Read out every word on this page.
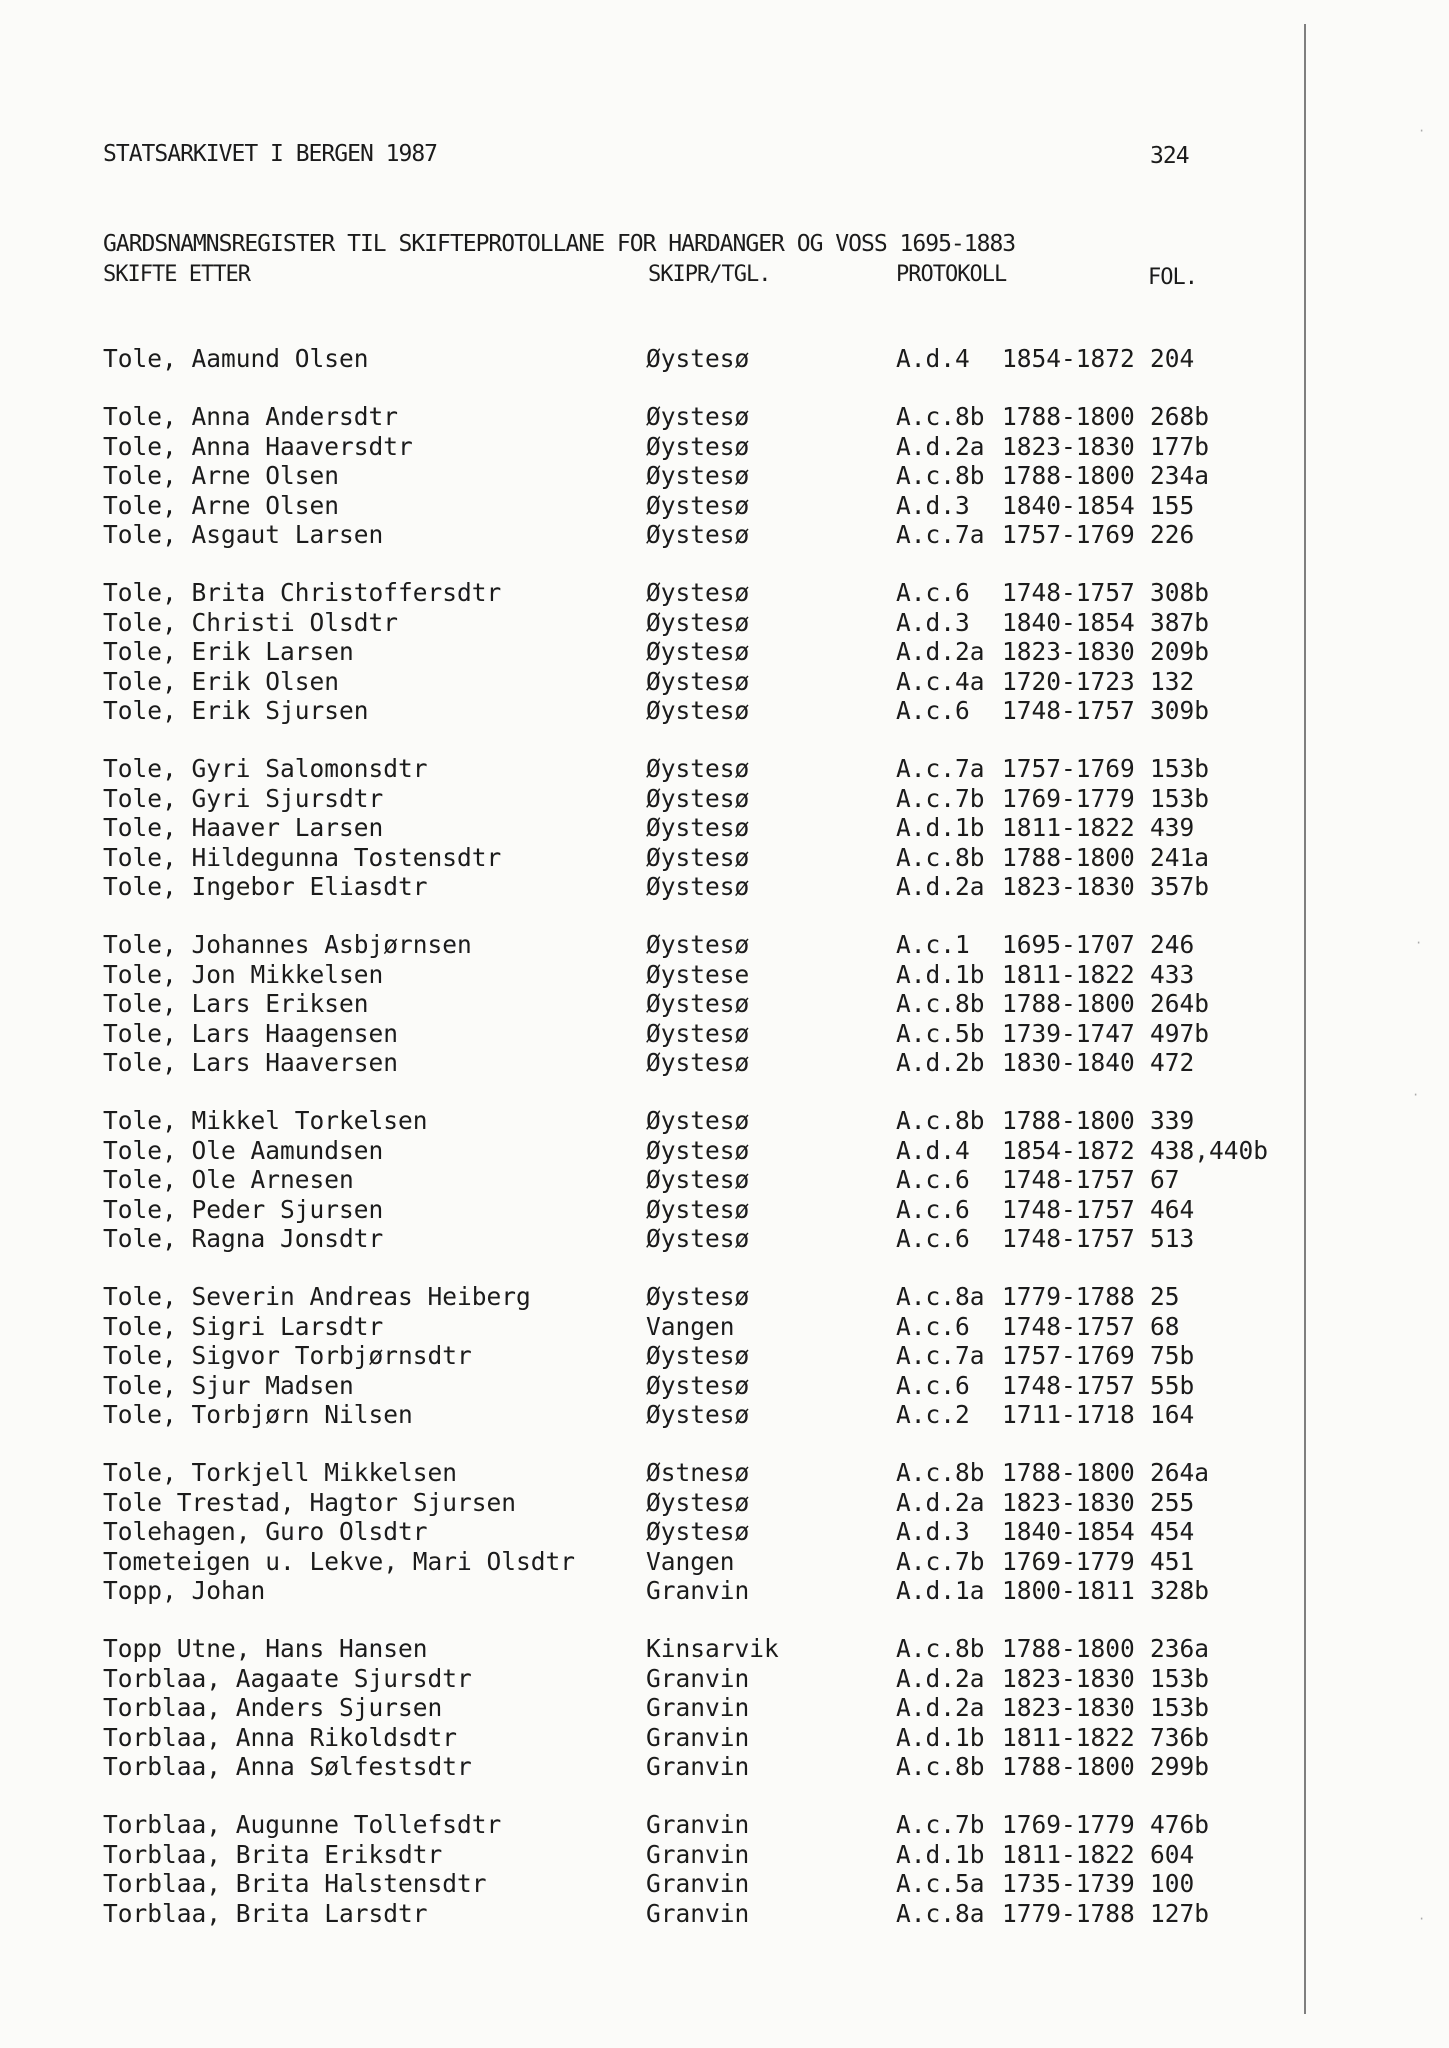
STATSARKIVET I BERGEN 1987	324
GARDSNAMNSREGISTER TIL SKIFTEPROTOLLANE FOR HARDANGER OG VOSS 1695-1883
SKIFTE ETTER	SKIPR/TGL.	PROTOKOLL	FOL.
Tole, Aamund Olsen	Øystesø	A.d.4 1854-1872 204
Tole, Anna Andersdtr	Øystesø	A.c.8b 1788-1800 268b
Tole, Anna Haaversdtr	Øystesø	A.d.2a 1823-1830 177b
Tole, Arne Olsen	Øystesø	A.c.8b 1788-1800 234a
Tole, Arne Olsen	Øystesø	A.d.3 1840-1854 155
Tole, Asgaut Larsen	Øystesø	A.c.7a 1757-1769 226
Tole, Brita Christoffersdtr	Øystesø	A.c.6 1748-1757 308b
Tole, Christi Olsdtr	Øystesø	A.d.3 1840-1854 387b
Tole, Erik Larsen	Øystesø	A.d.2a 1823-1830 209b
Tole, Erik Olsen	Øystesø	A.c.4a 1720-1723 132
Tole, Erik Sjursen	Øystesø	A.c.6 1748-1757 309b
Tole, Gyri Salomonsdtr	Øystesø	A.c.7a 1757-1769 153b
Tole, Gyri Sjursdtr	Øystesø	A.c.7b 1769-1779 153b
Tole, Haaver Larsen	Øystesø	A.d.1b 1811-1822 439
Tole, Hildegunna Tostensdtr	Øystesø	A.c.8b 1788-1800 241a
Tole, Ingebor Eliasdtr	Øystesø	A.d.2a 1823-1830 357b
Tole, Johannes Asbjørnsen	Øystesø	A.c.1 1695-1707 246
Tole, Jon Mikkelsen	Øystese	A.d.1b 1811-1822 433
Tole, Lars Eriksen	Øystesø	A.c.8b 1788-1800 264b
Tole, Lars Haagensen	Øystesø	A.c.5b 1739-1747 497b
Tole, Lars Haaversen	Øystesø	A.d.2b 1830-1840 472
Tole, Mikkel Torkelsen	Øystesø	A.c.8b 1788-1800 339
Tole, Ole Aamundsen	Øystesø	A.d.4 1854-1872 438,440b
Tole, Ole Arnesen	Øystesø	A.c.6 1748-1757 67
Tole, Peder Sjursen	Øystesø	A.c.6 1748-1757 464
Tole, Ragna Jonsdtr	Øystesø	A.c.6 1748-1757 513
Tole, Severin Andreas Heiberg	Øystesø	A.c.8a 1779-1788 25
Tole, Sigri Larsdtr	Vangen	A.c.6 1748-1757 68
Tole, Sigvor Torbjørnsdtr	Øystesø	A.c.7a 1757-1769 75b
Tole, Sjur Madsen	Øystesø	A.c.6 1748-1757 55b
Tole, Torbjørn Nilsen	Øystesø	A.c.2 1711-1718 164
Tole, Torkjell Mikkelsen	Østnesø	A.c.8b 1788-1800 264a
Tole Trestad, Hagtor Sjursen	Øystesø	A.d.2a 1823-1830 255
Tolehagen, Guro Olsdtr	Øystesø	A.d.3 1840-1854 454
Tometeigen u. Lekve, Mari Olsdtr	Vangen	A.c.7b 1769-1779 451
Topp, Johan	Granvin	A.d.1a 1800-1811 328b
Topp Utne, Hans Hansen	Kinsarvik	A.c.8b 1788-1800 236a
Torblaa, Aagaate Sjursdtr	Granvin	A.d.2a 1823-1830 153b
Torblaa, Anders Sjursen	Granvin	A.d.2a 1823-1830 153b
Torblaa, Anna Rikoldsdtr	Granvin	A.d.1b 1811-1822 736b
Torblaa, Anna Sølfestsdtr	Granvin	A.c.8b 1788-1800 299b
Torblaa, Augunne Tollefsdtr	Granvin	A.c.7b 1769-1779 476b
Torblaa, Brita Eriksdtr	Granvin	A.d.1b 1811-1822 604
Torblaa, Brita Halstensdtr	Granvin	A.c.5a 1735-1739 100
Torblaa, Brita Larsdtr	Granvin	A.c.8a 1779-1788 127b
·
·
·
·
